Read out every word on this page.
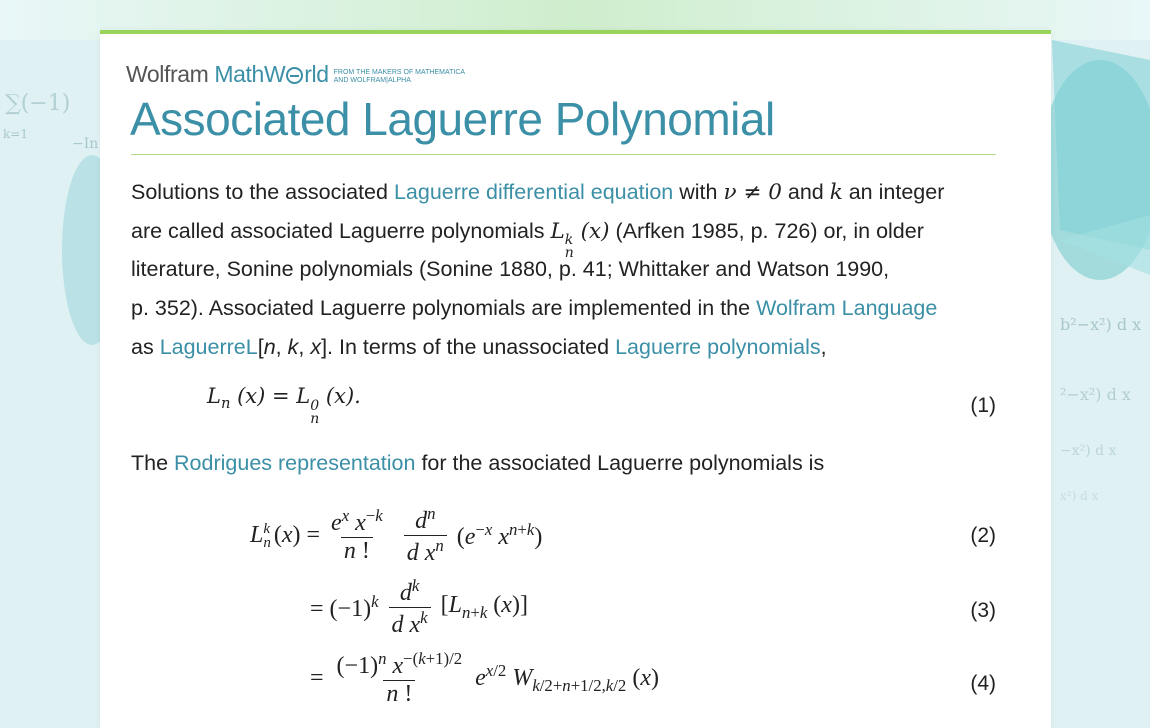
∑(−1)
k=1
−In
b²−x²) d x
²−x²) d x
−x²) d x
x²) d x
Wolfram MathW rld FROM THE MAKERS OF MATHEMATICA
AND WOLFRAM|ALPHA
Associated Laguerre Polynomial
Solutions to the associated Laguerre differential equation with ν ≠ 0 and k an integer
are called associated Laguerre polynomials L k
n
(x) (Arfken 1985, p. 726) or, in older
literature, Sonine polynomials (Sonine 1880, p. 41; Whittaker and Watson 1990,
p. 352). Associated Laguerre polynomials are implemented in the Wolfram Language
as LaguerreL[n, k, x]. In terms of the unassociated Laguerre polynomials,
$L_n$ (x) = L 0
n
(x).	(1)
The Rodrigues representation for the associated Laguerre polynomials is
L k
n $(x) = \frac{e^x x^{-k}}{n !} \frac{d^n}{d x^n} (e^{-x}$ $x^{n+k}$)	(2)
= $(-1)^k \frac{d^k}{d x^k} [L_{n+k}$ (x)]	(3)
= $\frac{(-1)^n x^{-(k+1)/2}}{n !} e^{x/2}$ $W_{k/2+n+1/2,k/2}$ (x)	(4)
